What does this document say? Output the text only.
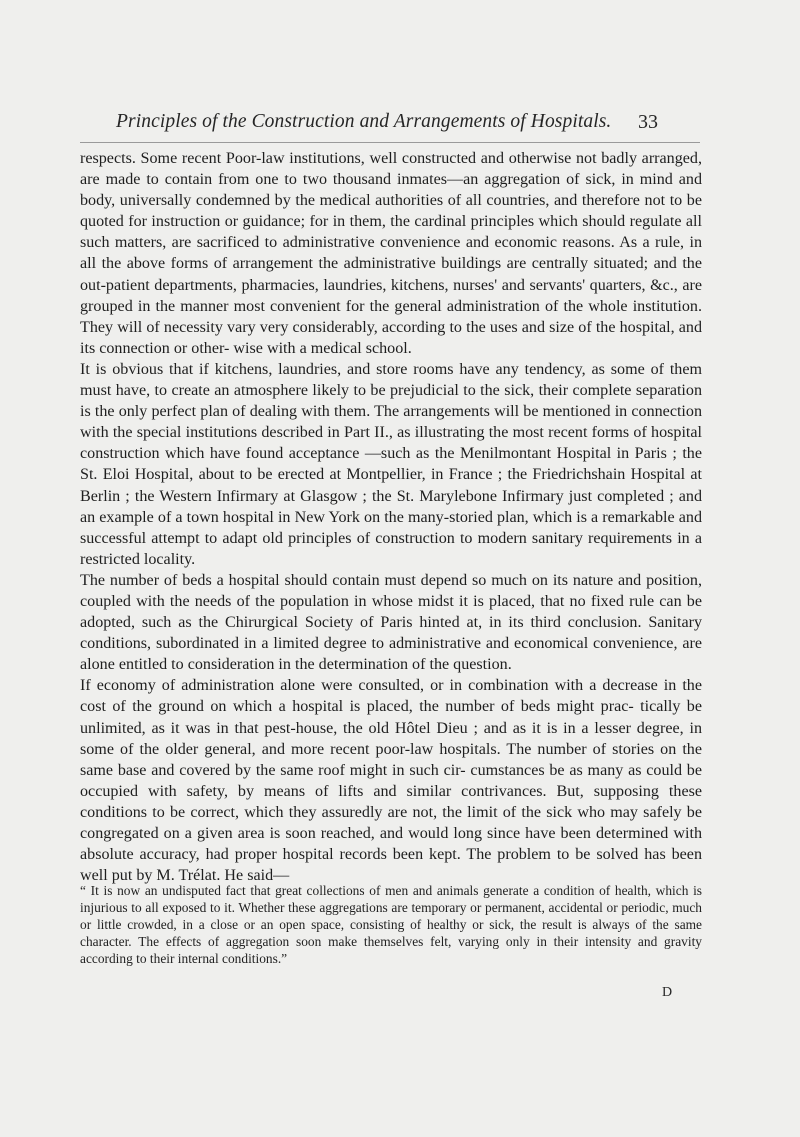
Principles of the Construction and Arrangements of Hospitals.	33

respects. Some recent Poor-law institutions, well constructed and otherwise not badly arranged, are made to contain from one to two thousand inmates—an aggregation of sick, in mind and body, universally condemned by the medical authorities of all countries, and therefore not to be quoted for instruction or guidance; for in them, the cardinal principles which should regulate all such matters, are sacrificed to administrative convenience and economic reasons. As a rule, in all the above forms of arrangement the administrative buildings are centrally situated; and the out-patient departments, pharmacies, laundries, kitchens, nurses' and servants' quarters, &c., are grouped in the manner most convenient for the general administration of the whole institution. They will of necessity vary very considerably, according to the uses and size of the hospital, and its connection or other- wise with a medical school.

It is obvious that if kitchens, laundries, and store rooms have any tendency, as some of them must have, to create an atmosphere likely to be prejudicial to the sick, their complete separation is the only perfect plan of dealing with them. The arrangements will be mentioned in connection with the special institutions described in Part II., as illustrating the most recent forms of hospital construction which have found acceptance —such as the Menilmontant Hospital in Paris ; the St. Eloi Hospital, about to be erected at Montpellier, in France ; the Friedrichshain Hospital at Berlin ; the Western Infirmary at Glasgow ; the St. Marylebone Infirmary just completed ; and an example of a town hospital in New York on the many-storied plan, which is a remarkable and successful attempt to adapt old principles of construction to modern sanitary requirements in a restricted locality.

The number of beds a hospital should contain must depend so much on its nature and position, coupled with the needs of the population in whose midst it is placed, that no fixed rule can be adopted, such as the Chirurgical Society of Paris hinted at, in its third conclusion. Sanitary conditions, subordinated in a limited degree to administrative and economical convenience, are alone entitled to consideration in the determination of the question.

If economy of administration alone were consulted, or in combination with a decrease in the cost of the ground on which a hospital is placed, the number of beds might prac- tically be unlimited, as it was in that pest-house, the old Hôtel Dieu ; and as it is in a lesser degree, in some of the older general, and more recent poor-law hospitals. The number of stories on the same base and covered by the same roof might in such cir- cumstances be as many as could be occupied with safety, by means of lifts and similar contrivances. But, supposing these conditions to be correct, which they assuredly are not, the limit of the sick who may safely be congregated on a given area is soon reached, and would long since have been determined with absolute accuracy, had proper hospital records been kept. The problem to be solved has been well put by M. Trélat. He said—

“ It is now an undisputed fact that great collections of men and animals generate a condition of health, which is injurious to all exposed to it. Whether these aggregations are temporary or permanent, accidental or periodic, much or little crowded, in a close or an open space, consisting of healthy or sick, the result is always of the same character. The effects of aggregation soon make themselves felt, varying only in their intensity and gravity according to their internal conditions.”
D
